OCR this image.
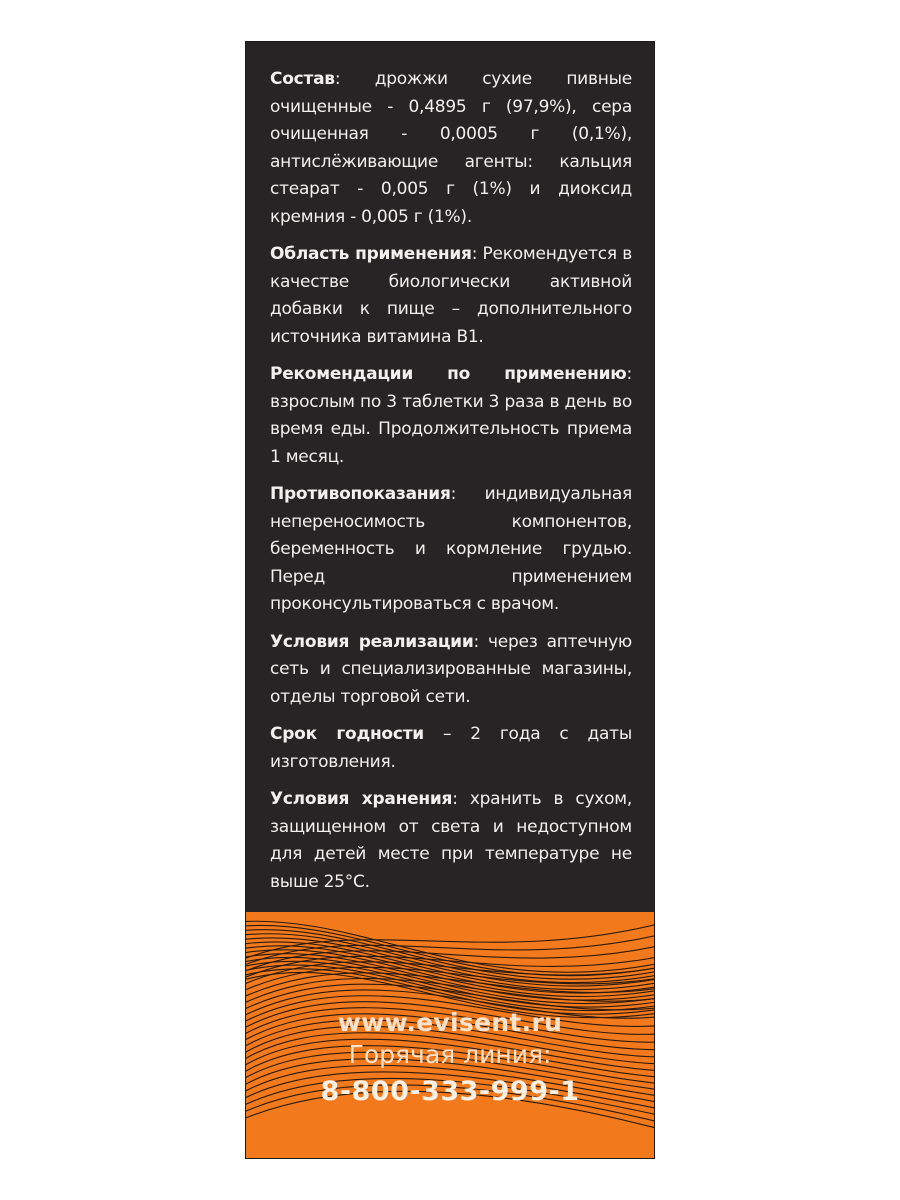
Состав: дрожжи сухие пивные очищенные - 0,4895 г (97,9%), сера очищенная - 0,0005 г (0,1%), антислёживающие агенты: кальция стеарат - 0,005 г (1%) и диоксид кремния - 0,005 г (1%).

Область применения: Рекомендуется в качестве биологически активной добавки к пище – дополнительного источника витамина B1.

Рекомендации по применению: взрослым по 3 таблетки 3 раза в день во время еды. Продолжительность приема 1 месяц.

Противопоказания: индивидуальная непереносимость компонентов, беременность и кормление грудью. Перед применением проконсультироваться с врачом.

Условия реализации: через аптечную сеть и специализированные магазины, отделы торговой сети.

Срок годности – 2 года с даты изготовления.

Условия хранения: хранить в сухом, защищенном от света и недоступном для детей месте при температуре не выше 25°С.

www.evisent.ru
Горячая линия:
8-800-333-999-1
